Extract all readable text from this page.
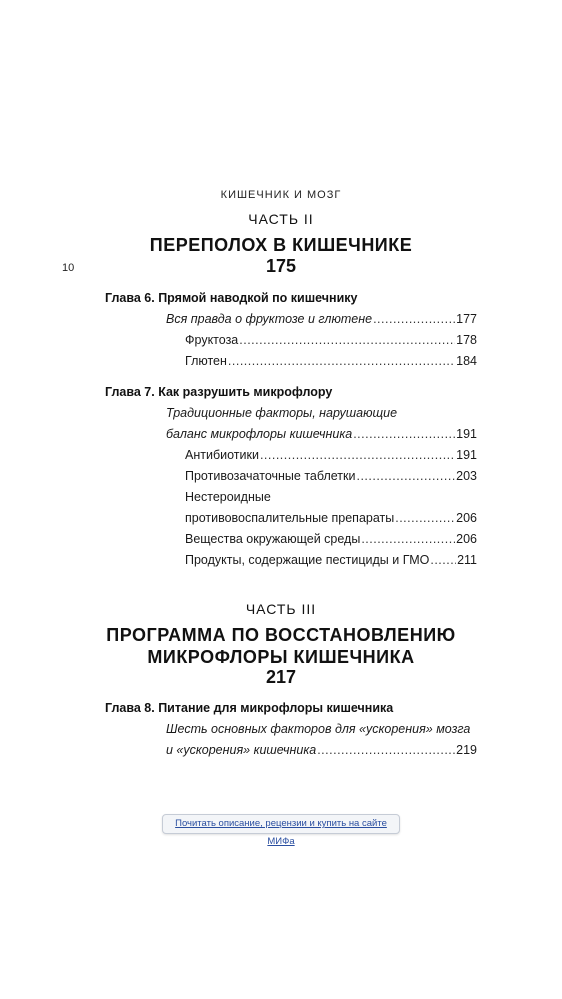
10
КИШЕЧНИК И МОЗГ
ЧАСТЬ II
ПЕРЕПОЛОХ В КИШЕЧНИКЕ
175
Глава 6. Прямой наводкой по кишечнику
Вся правда о фруктозе и глютене .....	177
Фруктоза .....	178
Глютен .....	184
Глава 7. Как разрушить микрофлору
Традиционные факторы, нарушающие
баланс микрофлоры кишечника .....	191
Антибиотики .....	191
Противозачаточные таблетки .....	203
Нестероидные
противовоспалительные препараты .....	206
Вещества окружающей среды .....	206
Продукты, содержащие пестициды и ГМО ..... 211
ЧАСТЬ III
ПРОГРАММА ПО ВОССТАНОВЛЕНИЮ
МИКРОФЛОРЫ КИШЕЧНИКА
217
Глава 8. Питание для микрофлоры кишечника
Шесть основных факторов для «ускорения» мозга
и «ускорения» кишечника .....	219
Почитать описание, рецензии и купить на сайте МИФа
